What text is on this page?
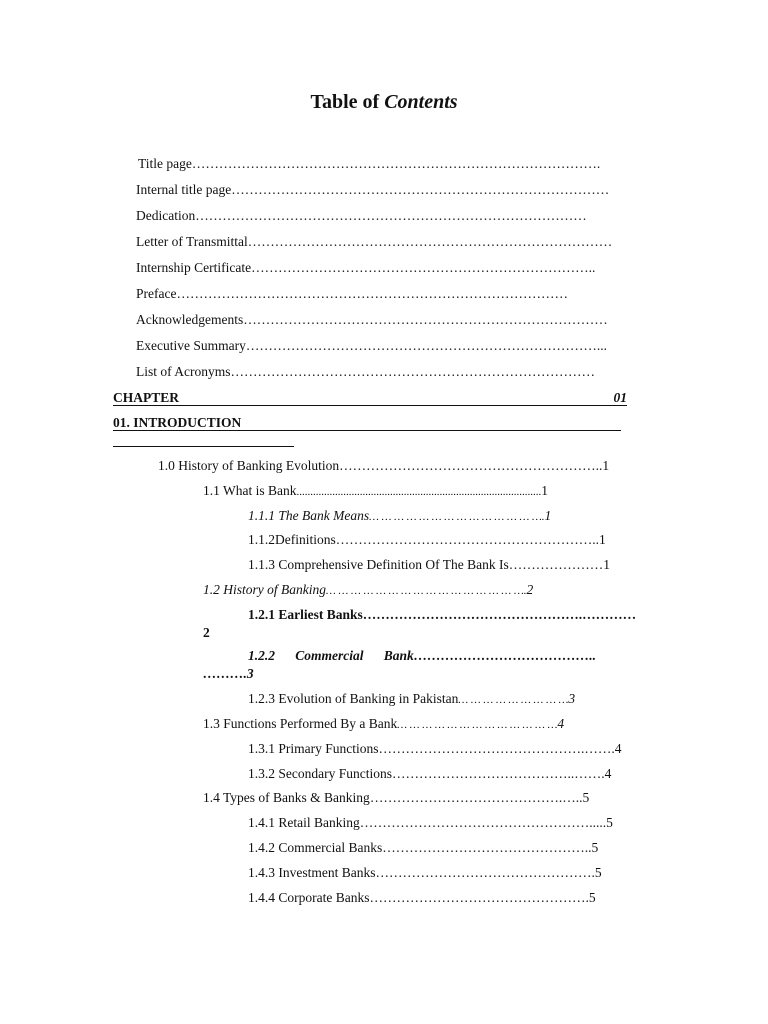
Table of Contents
Title page……………………………………………………………………………….
Internal title page…………………………………………………………………………
Dedication……………………………………………………………………………
Letter of Transmittal………………………………………………………………………
Internship Certificate…………………………………………………………………..
Preface……………………………………………………………………………
Acknowledgements………………………………………………………………………
Executive Summary……………………………………………………………………...
List of Acronyms………………………………………………………………………
CHAPTER	01
01. INTRODUCTION
1.0 History of Banking Evolution…………………………………………………..1
1.1 What is Bank.........................................................................................1
1.1.1 The Bank Means… … … … … … … … … … … … … ….1
1.1.2Definitions…………………………………………………..1
1.1.3 Comprehensive Definition Of The Bank Is…………………1
1.2 History of Banking… … … … … … … … … … … … … … … ….2
1.2.1 Earliest Banks………………………………………….…………
2
1.2.2      Commercial      Bank…………………………………..
……….3
1.2.3 Evolution of Banking in Pakistan… … … … … … … … …3
1.3 Functions Performed By a Bank… … … … … … … … … … … … …4
1.3.1 Primary Functions……………………………………….…….4
1.3.2 Secondary Functions…………………………………..…….4
1.4 Types of Banks & Banking…………………………………….…..5
1.4.1 Retail Banking…………………………………………….....5
1.4.2 Commercial Banks………………………………………..5
1.4.3 Investment Banks………………………………………….5
1.4.4 Corporate Banks………………………………………….5
